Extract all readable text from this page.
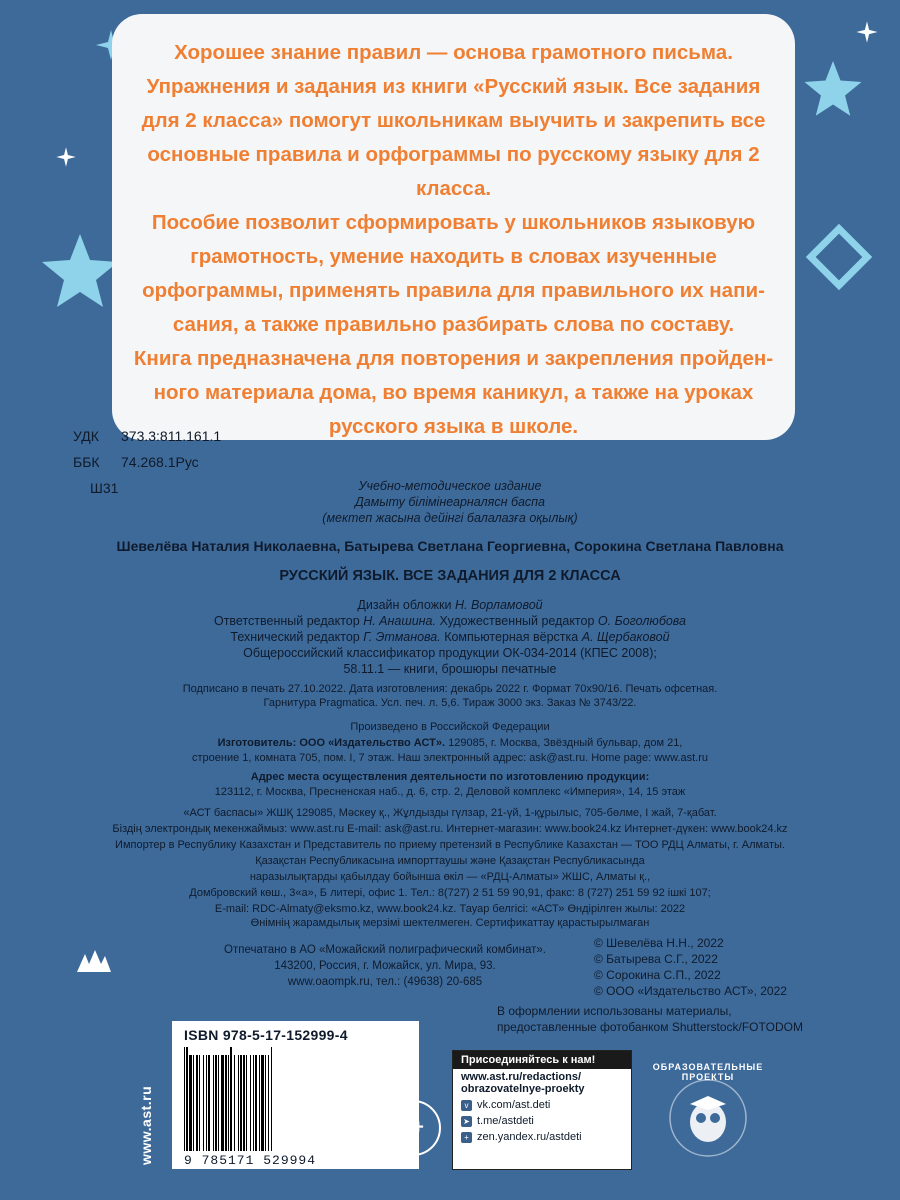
Хорошее знание правил — основа грамотного письма. Упражнения и задания из книги «Русский язык. Все задания для 2 класса» помогут школьникам выучить и закрепить все основные правила и орфограммы по русскому языку для 2 класса.

Пособие позволит сформировать у школьников языковую грамотность, умение находить в словах изученные орфограммы, применять правила для правильного их напи- сания, а также правильно разбирать слова по составу.

Книга предназначена для повторения и закрепления пройден- ного материала дома, во время каникул, а также на уроках русского языка в школе.

УДК 373.3:811.161.1
ББК 74.268.1Рус
Ш31	Учебно-методическое издание
Дамыту білімінеарналясн баспа
(мектеп жасына дейінгі балалазға оқылық)
Шевелёва Наталия Николаевна, Батырева Светлана Георгиевна, Сорокина Светлана Павловна
РУССКИЙ ЯЗЫК. ВСЕ ЗАДАНИЯ ДЛЯ 2 КЛАССА
Дизайн обложки Н. Ворламовой
Ответственный редактор Н. Анашина. Художественный редактор О. Боголюбова
Технический редактор Г. Этманова. Компьютерная вёрстка А. Щербаковой
Общероссийский классификатор продукции ОК-034-2014 (КПЕС 2008);
58.11.1 — книги, брошюры печатные
Подписано в печать 27.10.2022. Дата изготовления: декабрь 2022 г. Формат 70х90/16. Печать офсетная.
Гарнитура Pragmatica. Усл. печ. л. 5,6. Тираж 3000 экз. Заказ № 3743/22.
Произведено в Российской Федерации
Изготовитель: ООО «Издательство АСТ». 129085, г. Москва, Звёздный бульвар, дом 21,
строение 1, комната 705, пом. I, 7 этаж. Наш электронный адрес: ask@ast.ru. Home page: www.ast.ru
Адрес места осуществления деятельности по изготовлению продукции:
123112, г. Москва, Пресненская наб., д. 6, стр. 2, Деловой комплекс «Империя», 14, 15 этаж
«АСТ баспасы» ЖШҚ 129085, Мәскеу қ., Жұлдызды гүлзар, 21-үй, 1-құрылыс, 705-бөлме, I жай, 7-қабат.
Біздің электрондық мекенжаймыз: www.ast.ru E-mail: ask@ast.ru. Интернет-магазин: www.book24.kz Интернет-дүкен: www.book24.kz
Импортер в Республику Казахстан и Представитель по приему претензий в Республике Казахстан — ТОО РДЦ Алматы, г. Алматы.
Қазақстан Республикасына импорттаушы және Қазақстан Республикасында
наразылықтарды қабылдау бойынша өкіл — «РДЦ-Алматы» ЖШС, Алматы қ.,
Домбровский көш., 3«а», Б литері, офис 1. Тел.: 8(727) 2 51 59 90,91, факс: 8 (727) 251 59 92 ішкі 107;
E-mail: RDC-Almaty@eksmo.kz, www.book24.kz. Тауар белгісі: «АСТ» Өндірілген жылы: 2022
Өнімнің жарамдылық мерзімі шектелмеген. Сертификаттау қарастырылмаған
Отпечатано в АО «Можайский полиграфический комбинат».
143200, Россия, г. Можайск, ул. Мира, 93.
www.oaompk.ru, тел.: (49638) 20-685
© Шевелёва Н.Н., 2022
© Батырева С.Г., 2022
© Сорокина С.П., 2022
© ООО «Издательство АСТ», 2022
В оформлении использованы материалы,
предоставленные фотобанком Shutterstock/FOTODOM
ISBN 978-5-17-152999-4
9 785171 529994
6+
Присоединяйтесь к нам!
www.ast.ru/redactions/
obrazovatelnye-proekty
v vk.com/ast.deti
➤ t.me/astdeti
+ zen.yandex.ru/astdeti
www.ast.ru
ОБРАЗОВАТЕЛЬНЫЕ ПРОЕКТЫ
